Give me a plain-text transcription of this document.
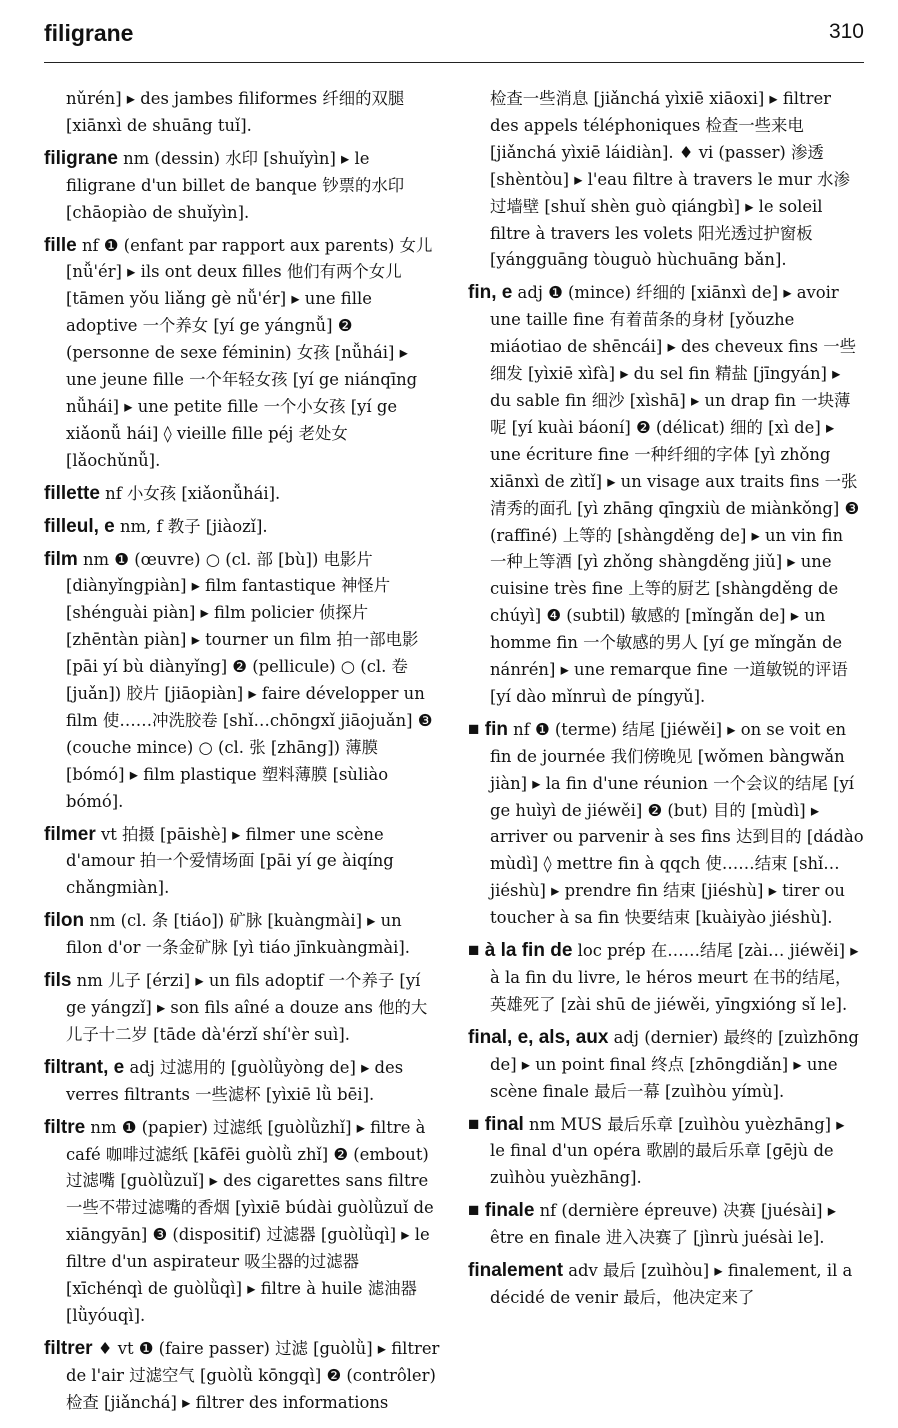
filigrane	310

nǔrén] ▸ des jambes filiformes 纤细的双腿 [xiānxì de shuāng tuǐ].

filigrane nm (dessin) 水印 [shuǐyìn] ▸ le filigrane d'un billet de banque 钞票的水印 [chāopiào de shuǐyìn].

fille nf ❶ (enfant par rapport aux parents) 女儿 [nǚ'ér] ▸ ils ont deux filles 他们有两个女儿 [tāmen yǒu liǎng gè nǚ'ér] ▸ une fille adoptive 一个养女 [yí ge yángnǚ] ❷ (personne de sexe féminin) 女孩 [nǚhái] ▸ une jeune fille 一个年轻女孩 [yí ge niánqīng nǚhái] ▸ une petite fille 一个小女孩 [yí ge xiǎonǚ hái] ◊ vieille fille péj 老处女 [lǎochǔnǚ].

fillette nf 小女孩 [xiǎonǚhái].

filleul, e nm, f 教子 [jiàozǐ].

film nm ❶ (œuvre) ○ (cl. 部 [bù]) 电影片 [diànyǐngpiàn] ▸ film fantastique 神怪片 [shénguài piàn] ▸ film policier 侦探片 [zhēntàn piàn] ▸ tourner un film 拍一部电影 [pāi yí bù diànyǐng] ❷ (pellicule) ○ (cl. 卷 [juǎn]) 胶片 [jiāopiàn] ▸ faire développer un film 使……冲洗胶卷 [shǐ…chōngxǐ jiāojuǎn] ❸ (couche mince) ○ (cl. 张 [zhāng]) 薄膜 [bómó] ▸ film plastique 塑料薄膜 [sùliào bómó].

filmer vt 拍摄 [pāishè] ▸ filmer une scène d'amour 拍一个爱情场面 [pāi yí ge àiqíng chǎngmiàn].

filon nm (cl. 条 [tiáo]) 矿脉 [kuàngmài] ▸ un filon d'or 一条金矿脉 [yì tiáo jīnkuàngmài].

fils nm 儿子 [érzi] ▸ un fils adoptif 一个养子 [yí ge yángzǐ] ▸ son fils aîné a douze ans 他的大儿子十二岁 [tāde dà'érzǐ shí'èr suì].

filtrant, e adj 过滤用的 [guòlǜyòng de] ▸ des verres filtrants 一些滤杯 [yìxiē lǜ bēi].

filtre nm ❶ (papier) 过滤纸 [guòlǜzhǐ] ▸ filtre à café 咖啡过滤纸 [kāfēi guòlǜ zhǐ] ❷ (embout) 过滤嘴 [guòlǜzuǐ] ▸ des cigarettes sans filtre 一些不带过滤嘴的香烟 [yìxiē búdài guòlǜzuǐ de xiāngyān] ❸ (dispositif) 过滤器 [guòlǜqì] ▸ le filtre d'un aspirateur 吸尘器的过滤器 [xīchénqì de guòlǜqì] ▸ filtre à huile 滤油器 [lǜyóuqì].

filtrer ♦ vt ❶ (faire passer) 过滤 [guòlǜ] ▸ filtrer de l'air 过滤空气 [guòlǜ kōngqì] ❷ (contrôler) 检查 [jiǎnchá] ▸ filtrer des informations

检查一些消息 [jiǎnchá yìxiē xiāoxi] ▸ filtrer des appels téléphoniques 检查一些来电 [jiǎnchá yìxiē láidiàn]. ♦ vi (passer) 渗透 [shèntòu] ▸ l'eau filtre à travers le mur 水渗过墙壁 [shuǐ shèn guò qiángbì] ▸ le soleil filtre à travers les volets 阳光透过护窗板 [yángguāng tòuguò hùchuāng bǎn].

fin, e adj ❶ (mince) 纤细的 [xiānxì de] ▸ avoir une taille fine 有着苗条的身材 [yǒuzhe miáotiao de shēncái] ▸ des cheveux fins 一些细发 [yìxiē xìfà] ▸ du sel fin 精盐 [jīngyán] ▸ du sable fin 细沙 [xìshā] ▸ un drap fin 一块薄呢 [yí kuài báoní] ❷ (délicat) 细的 [xì de] ▸ une écriture fine 一种纤细的字体 [yì zhǒng xiānxì de zìtǐ] ▸ un visage aux traits fins 一张清秀的面孔 [yì zhāng qīngxiù de miànkǒng] ❸ (raffiné) 上等的 [shàngděng de] ▸ un vin fin 一种上等酒 [yì zhǒng shàngděng jiǔ] ▸ une cuisine très fine 上等的厨艺 [shàngděng de chúyì] ❹ (subtil) 敏感的 [mǐngǎn de] ▸ un homme fin 一个敏感的男人 [yí ge mǐngǎn de nánrén] ▸ une remarque fine 一道敏锐的评语 [yí dào mǐnruì de píngyǔ].

■ fin nf ❶ (terme) 结尾 [jiéwěi] ▸ on se voit en fin de journée 我们傍晚见 [wǒmen bàngwǎn jiàn] ▸ la fin d'une réunion 一个会议的结尾 [yí ge huìyì de jiéwěi] ❷ (but) 目的 [mùdì] ▸ arriver ou parvenir à ses fins 达到目的 [dádào mùdì] ◊ mettre fin à qqch 使……结束 [shǐ… jiéshù] ▸ prendre fin 结束 [jiéshù] ▸ tirer ou toucher à sa fin 快要结束 [kuàiyào jiéshù].

■ à la fin de loc prép 在……结尾 [zài… jiéwěi] ▸ à la fin du livre, le héros meurt 在书的结尾，英雄死了 [zài shū de jiéwěi, yīngxióng sǐ le].

final, e, als, aux adj (dernier) 最终的 [zuìzhōng de] ▸ un point final 终点 [zhōngdiǎn] ▸ une scène finale 最后一幕 [zuìhòu yímù].

■ final nm MUS 最后乐章 [zuìhòu yuèzhāng] ▸ le final d'un opéra 歌剧的最后乐章 [gējù de zuìhòu yuèzhāng].

■ finale nf (dernière épreuve) 决赛 [juésài] ▸ être en finale 进入决赛了 [jìnrù juésài le].

finalement adv 最后 [zuìhòu] ▸ finalement, il a décidé de venir 最后，他决定来了
